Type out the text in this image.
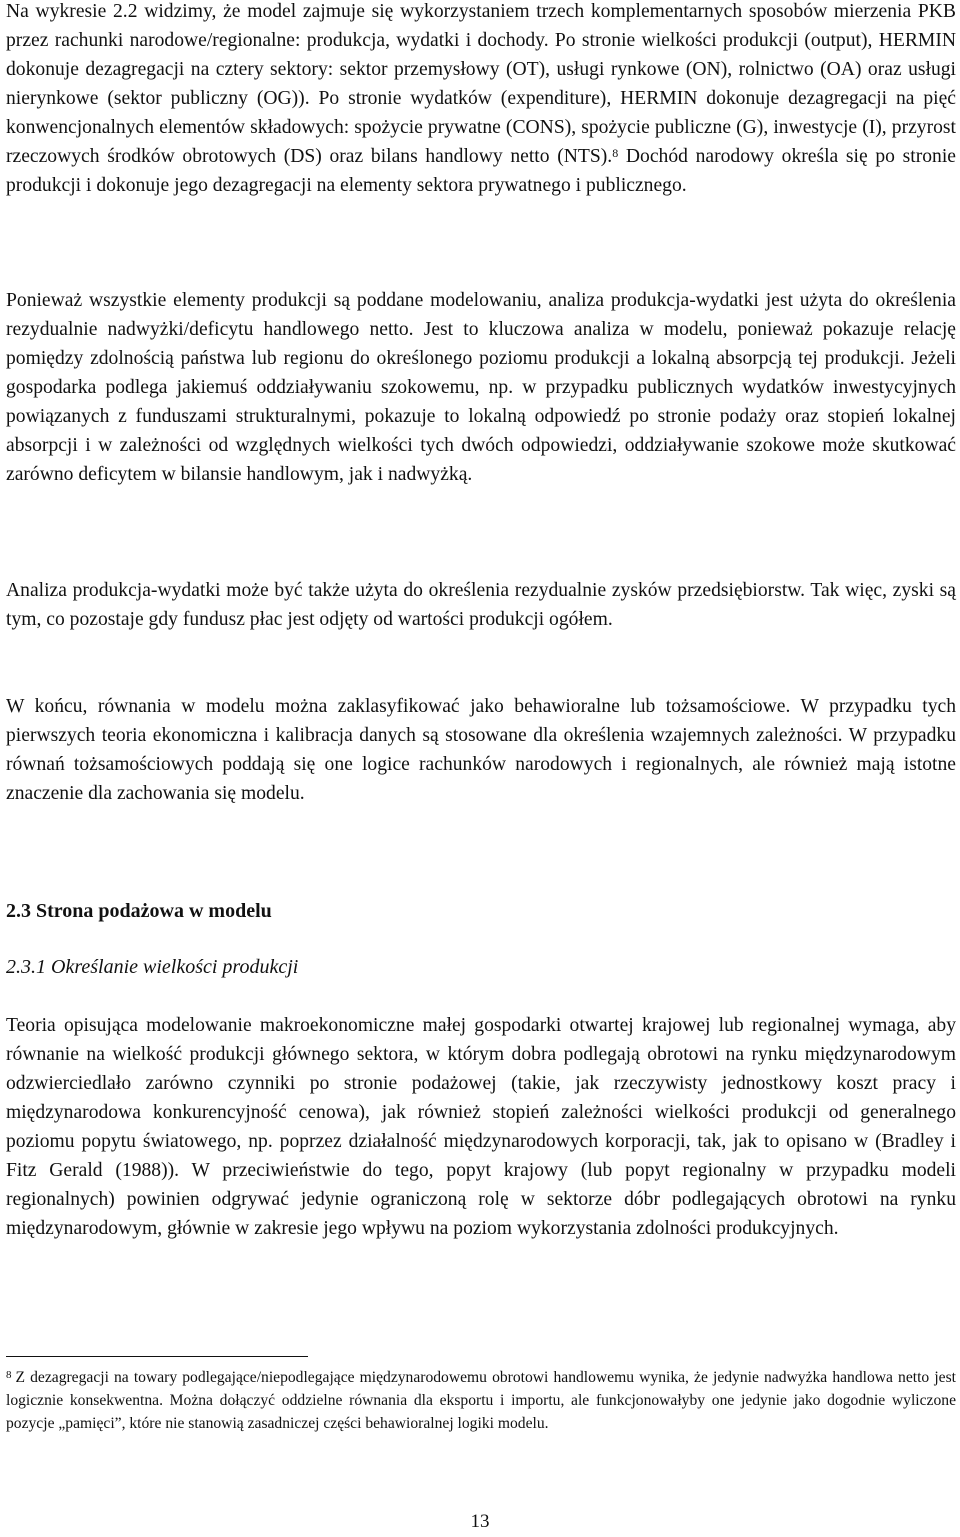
Na wykresie 2.2 widzimy, że model zajmuje się wykorzystaniem trzech komplementarnych sposobów mierzenia PKB przez rachunki narodowe/regionalne: produkcja, wydatki i dochody. Po stronie wielkości produkcji (output), HERMIN dokonuje dezagregacji na cztery sektory: sektor przemysłowy (OT), usługi rynkowe (ON), rolnictwo (OA) oraz usługi nierynkowe (sektor publiczny (OG)). Po stronie wydatków (expenditure), HERMIN dokonuje dezagregacji na pięć konwencjonalnych elementów składowych: spożycie prywatne (CONS), spożycie publiczne (G), inwestycje (I), przyrost rzeczowych środków obrotowych (DS) oraz bilans handlowy netto (NTS).$^8$ Dochód narodowy określa się po stronie produkcji i dokonuje jego dezagregacji na elementy sektora prywatnego i publicznego.

Ponieważ wszystkie elementy produkcji są poddane modelowaniu, analiza produkcja-wydatki jest użyta do określenia rezydualnie nadwyżki/deficytu handlowego netto. Jest to kluczowa analiza w modelu, ponieważ pokazuje relację pomiędzy zdolnością państwa lub regionu do określonego poziomu produkcji a lokalną absorpcją tej produkcji. Jeżeli gospodarka podlega jakiemuś oddziaływaniu szokowemu, np. w przypadku publicznych wydatków inwestycyjnych powiązanych z funduszami strukturalnymi, pokazuje to lokalną odpowiedź po stronie podaży oraz stopień lokalnej absorpcji i w zależności od względnych wielkości tych dwóch odpowiedzi, oddziaływanie szokowe może skutkować zarówno deficytem w bilansie handlowym, jak i nadwyżką.

Analiza produkcja-wydatki może być także użyta do określenia rezydualnie zysków przedsiębiorstw. Tak więc, zyski są tym, co pozostaje gdy fundusz płac jest odjęty od wartości produkcji ogółem.

W końcu, równania w modelu można zaklasyfikować jako behawioralne lub tożsamościowe. W przypadku tych pierwszych teoria ekonomiczna i kalibracja danych są stosowane dla określenia wzajemnych zależności. W przypadku równań tożsamościowych poddają się one logice rachunków narodowych i regionalnych, ale również mają istotne znaczenie dla zachowania się modelu.

2.3 Strona podażowa w modelu
2.3.1 Określanie wielkości produkcji

Teoria opisująca modelowanie makroekonomiczne małej gospodarki otwartej krajowej lub regionalnej wymaga, aby równanie na wielkość produkcji głównego sektora, w którym dobra podlegają obrotowi na rynku międzynarodowym odzwierciedlało zarówno czynniki po stronie podażowej (takie, jak rzeczywisty jednostkowy koszt pracy i międzynarodowa konkurencyjność cenowa), jak również stopień zależności wielkości produkcji od generalnego poziomu popytu światowego, np. poprzez działalność międzynarodowych korporacji, tak, jak to opisano w (Bradley i Fitz Gerald (1988)). W przeciwieństwie do tego, popyt krajowy (lub popyt regionalny w przypadku modeli regionalnych) powinien odgrywać jedynie ograniczoną rolę w sektorze dóbr podlegających obrotowi na rynku międzynarodowym, głównie w zakresie jego wpływu na poziom wykorzystania zdolności produkcyjnych.

$^8$ Z dezagregacji na towary podlegające/niepodlegające międzynarodowemu obrotowi handlowemu wynika, że jedynie nadwyżka handlowa netto jest logicznie konsekwentna. Można dołączyć oddzielne równania dla eksportu i importu, ale funkcjonowałyby one jedynie jako dogodnie wyliczone pozycje „pamięci”, które nie stanowią zasadniczej części behawioralnej logiki modelu.

13
